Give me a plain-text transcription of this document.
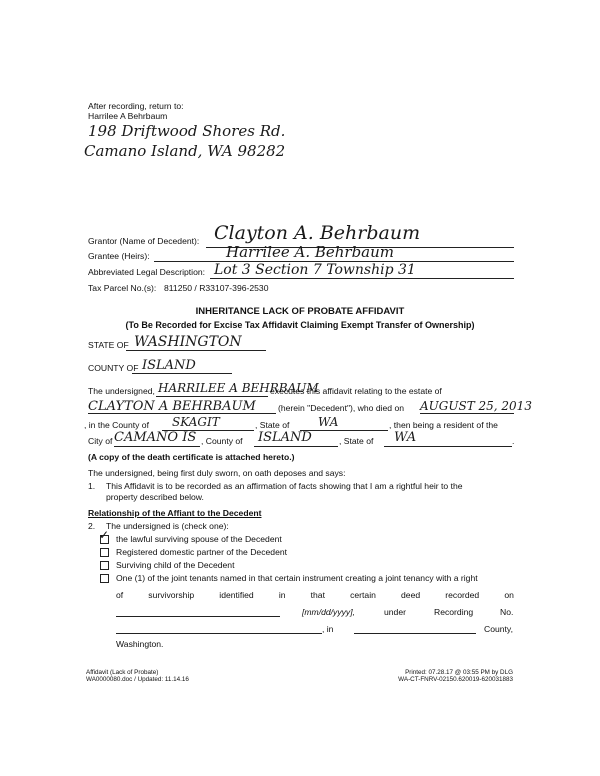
After recording, return to:
Harrilee A Behrbaum
198 Driftwood Shores Rd.
Camano Island, WA 98282
Grantor (Name of Decedent): Clayton A. Behrbaum
Grantee (Heirs):	Harrilee A. Behrbaum
Abbreviated Legal Description: Lot 3 Section 7 Township 31
Tax Parcel No.(s): 811250 / R33107-396-2530
INHERITANCE LACK OF PROBATE AFFIDAVIT
(To Be Recorded for Excise Tax Affidavit Claiming Exempt Transfer of Ownership)
STATE OF WASHINGTON
COUNTY OF ISLAND
The undersigned, HARRILEE A BEHRBAUM
executes this affidavit relating to the estate of
CLAYTON A BEHRBAUM	(herein "Decedent"), who died on AUGUST 25, 2013
, in the County of SKAGIT	, State of WA	, then being a resident of the
City of CAMANO IS , County of ISLAND	, State of WA	.
(A copy of the death certificate is attached hereto.)
The undersigned, being first duly sworn, on oath deposes and says:
1. This Affidavit is to be recorded as an affirmation of facts showing that I am a rightful heir to the
property described below.
Relationship of the Affiant to the Decedent
2. The undersigned is (check one):
✓ the lawful surviving spouse of the Decedent
Registered domestic partner of the Decedent
Surviving child of the Decedent
One (1) of the joint tenants named in that certain instrument creating a joint tenancy with a right
of	survivorship	identified	in	that	certain	deed	recorded	on
[mm/dd/yyyy],	under	Recording	No.
, in	County,
Washington.
Affidavit (Lack of Probate)
WA0000080.doc / Updated: 11.14.16
Printed: 07.28.17 @ 03:55 PM by DLG
WA-CT-FNRV-02150.620019-620031883
